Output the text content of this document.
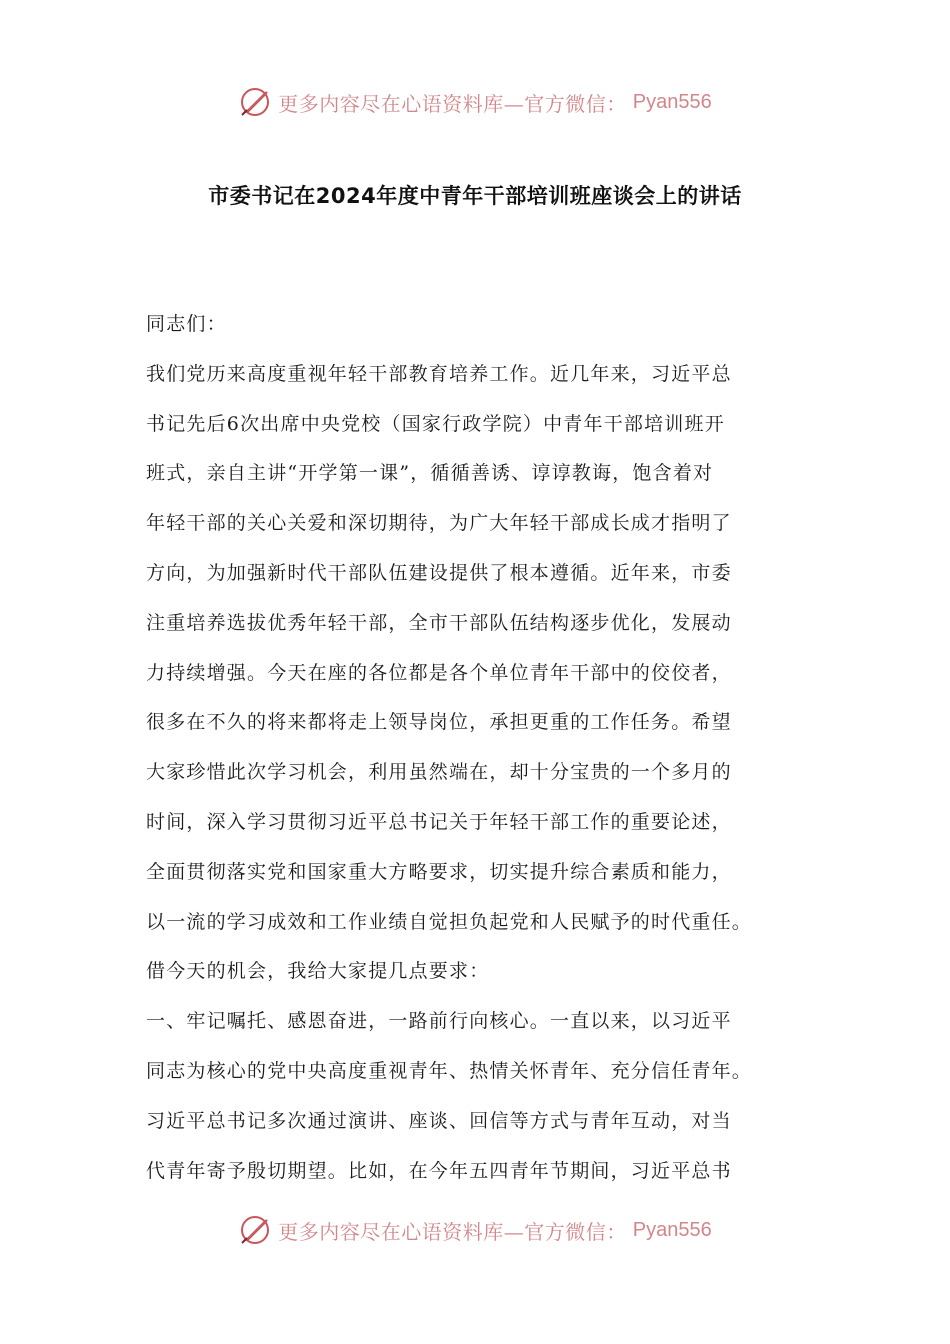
更多内容尽在心语资料库—官方微信： Pyan556
市委书记在2024年度中青年干部培训班座谈会上的讲话
同志们：
我们党历来高度重视年轻干部教育培养工作。近几年来，习近平总
书记先后6次出席中央党校（国家行政学院）中青年干部培训班开
班式，亲自主讲“开学第一课”，循循善诱、谆谆教诲，饱含着对
年轻干部的关心关爱和深切期待，为广大年轻干部成长成才指明了
方向，为加强新时代干部队伍建设提供了根本遵循。近年来，市委
注重培养选拔优秀年轻干部，全市干部队伍结构逐步优化，发展动
力持续增强。今天在座的各位都是各个单位青年干部中的佼佼者，
很多在不久的将来都将走上领导岗位，承担更重的工作任务。希望
大家珍惜此次学习机会，利用虽然端在，却十分宝贵的一个多月的
时间，深入学习贯彻习近平总书记关于年轻干部工作的重要论述，
全面贯彻落实党和国家重大方略要求，切实提升综合素质和能力，
以一流的学习成效和工作业绩自觉担负起党和人民赋予的时代重任。
借今天的机会，我给大家提几点要求：
一、牢记嘱托、感恩奋进，一路前行向核心。一直以来，以习近平
同志为核心的党中央高度重视青年、热情关怀青年、充分信任青年。
习近平总书记多次通过演讲、座谈、回信等方式与青年互动，对当
代青年寄予殷切期望。比如，在今年五四青年节期间，习近平总书
更多内容尽在心语资料库—官方微信： Pyan556
